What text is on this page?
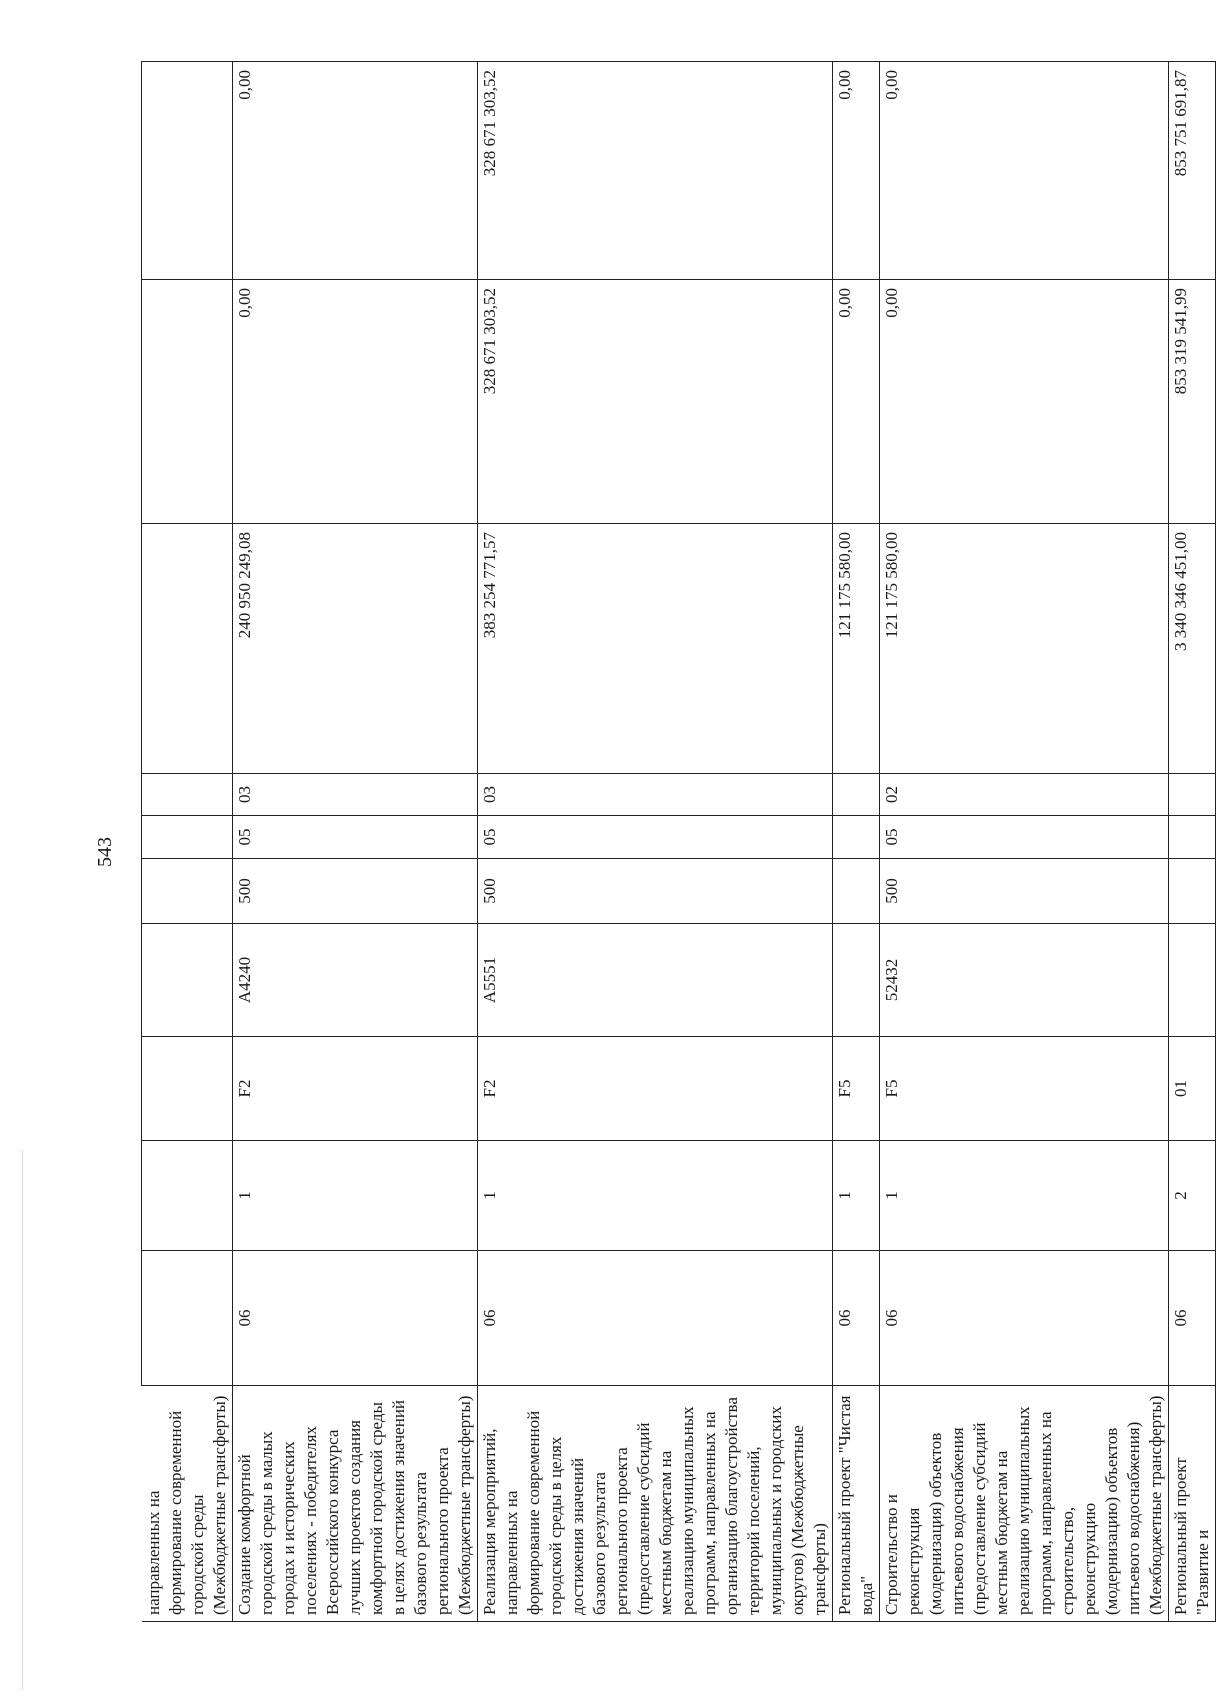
543
направленных на формирование современной городской среды (Межбюджетные трансферты)										
Создание комфортной городской среды в малых городах и исторических поселениях - победителях Всероссийского конкурса лучших проектов создания комфортной городской среды в целях достижения значений базового результата регионального проекта (Межбюджетные трансферты)	06	1	F2	A4240	500	05	03	240 950 249,08	0,00	0,00
Реализация мероприятий, направленных на формирование современной городской среды в целях достижения значений базового результата регионального проекта (предоставление субсидий местным бюджетам на реализацию муниципальных программ, направленных на организацию благоустройства территорий поселений, муниципальных и городских округов) (Межбюджетные трансферты)	06	1	F2	A5551	500	05	03	383 254 771,57	328 671 303,52	328 671 303,52
Региональный проект "Чистая вода"	06	1	F5					121 175 580,00	0,00	0,00
Строительство и реконструкция (модернизация) объектов питьевого водоснабжения (предоставление субсидий местным бюджетам на реализацию муниципальных программ, направленных на строительство, реконструкцию (модернизацию) объектов питьевого водоснабжения) (Межбюджетные трансферты)	06	1	F5	52432	500	05	02	121 175 580,00	0,00	0,00
Региональный проект "Развитие и	06	2	01					3 340 346 451,00	853 319 541,99	853 751 691,87
